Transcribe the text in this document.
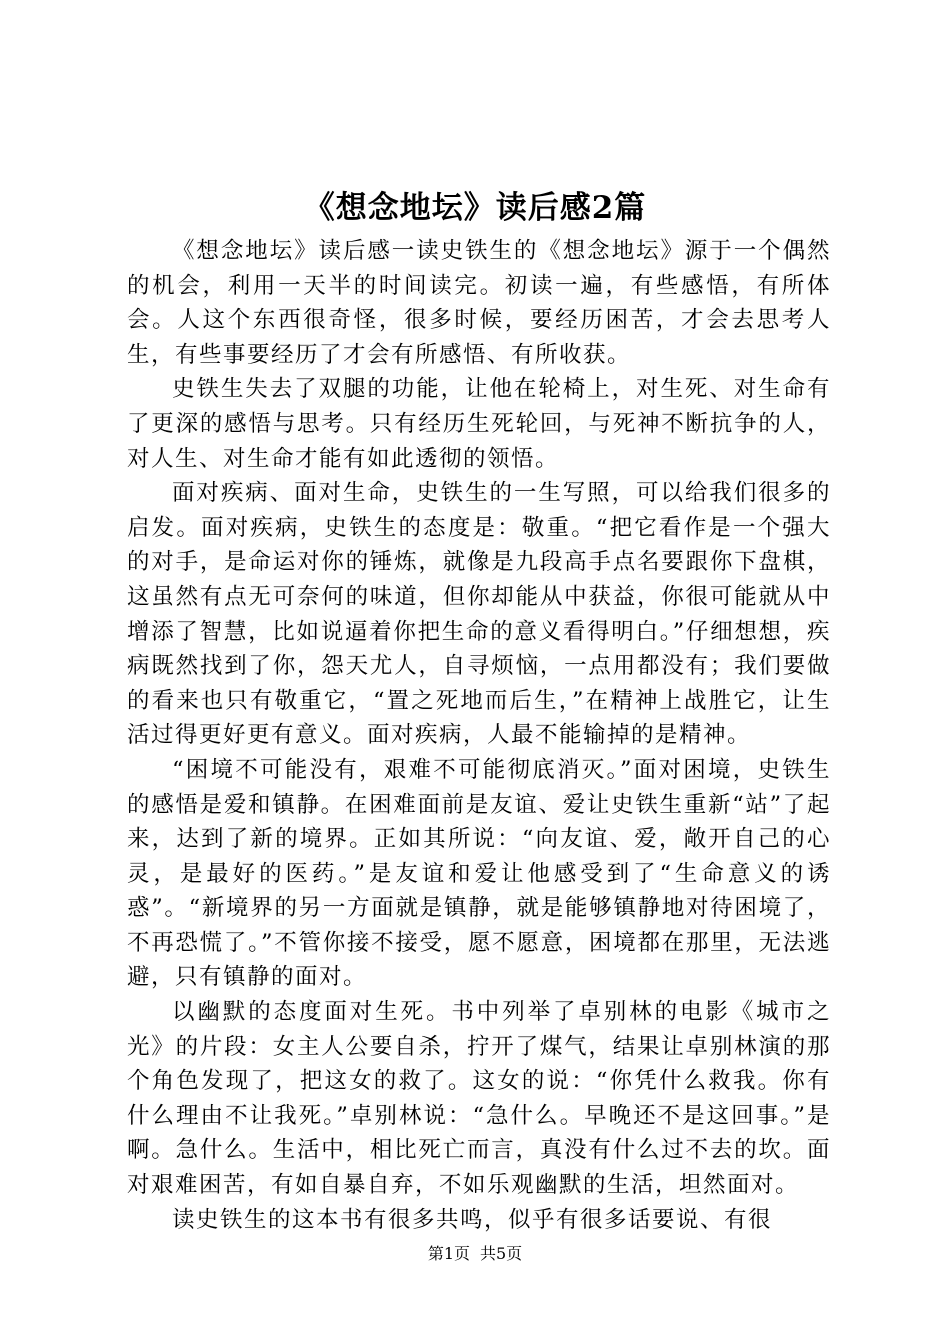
《想念地坛》读后感2篇

《想念地坛》读后感一读史铁生的《想念地坛》源于一个偶然的机会，利用一天半的时间读完。初读一遍，有些感悟，有所体会。人这个东西很奇怪，很多时候，要经历困苦，才会去思考人生，有些事要经历了才会有所感悟、有所收获。

史铁生失去了双腿的功能，让他在轮椅上，对生死、对生命有了更深的感悟与思考。只有经历生死轮回，与死神不断抗争的人，对人生、对生命才能有如此透彻的领悟。

面对疾病、面对生命，史铁生的一生写照，可以给我们很多的启发。面对疾病，史铁生的态度是：敬重。“把它看作是一个强大的对手，是命运对你的锤炼，就像是九段高手点名要跟你下盘棋，这虽然有点无可奈何的味道，但你却能从中获益，你很可能就从中增添了智慧，比如说逼着你把生命的意义看得明白。”仔细想想，疾病既然找到了你，怨天尤人，自寻烦恼，一点用都没有；我们要做的看来也只有敬重它，“置之死地而后生，”在精神上战胜它，让生活过得更好更有意义。面对疾病，人最不能输掉的是精神。

“困境不可能没有，艰难不可能彻底消灭。”面对困境，史铁生的感悟是爱和镇静。在困难面前是友谊、爱让史铁生重新“站”了起来，达到了新的境界。正如其所说：“向友谊、爱，敞开自己的心灵，是最好的医药。”是友谊和爱让他感受到了“生命意义的诱惑”。“新境界的另一方面就是镇静，就是能够镇静地对待困境了，不再恐慌了。”不管你接不接受，愿不愿意，困境都在那里，无法逃避，只有镇静的面对。

以幽默的态度面对生死。书中列举了卓别林的电影《城市之光》的片段：女主人公要自杀，拧开了煤气，结果让卓别林演的那个角色发现了，把这女的救了。这女的说：“你凭什么救我。你有什么理由不让我死。”卓别林说：“急什么。早晚还不是这回事。”是啊。急什么。生活中，相比死亡而言，真没有什么过不去的坎。面对艰难困苦，有如自暴自弃，不如乐观幽默的生活，坦然面对。

读史铁生的这本书有很多共鸣，似乎有很多话要说、有很

第1页 共5页
